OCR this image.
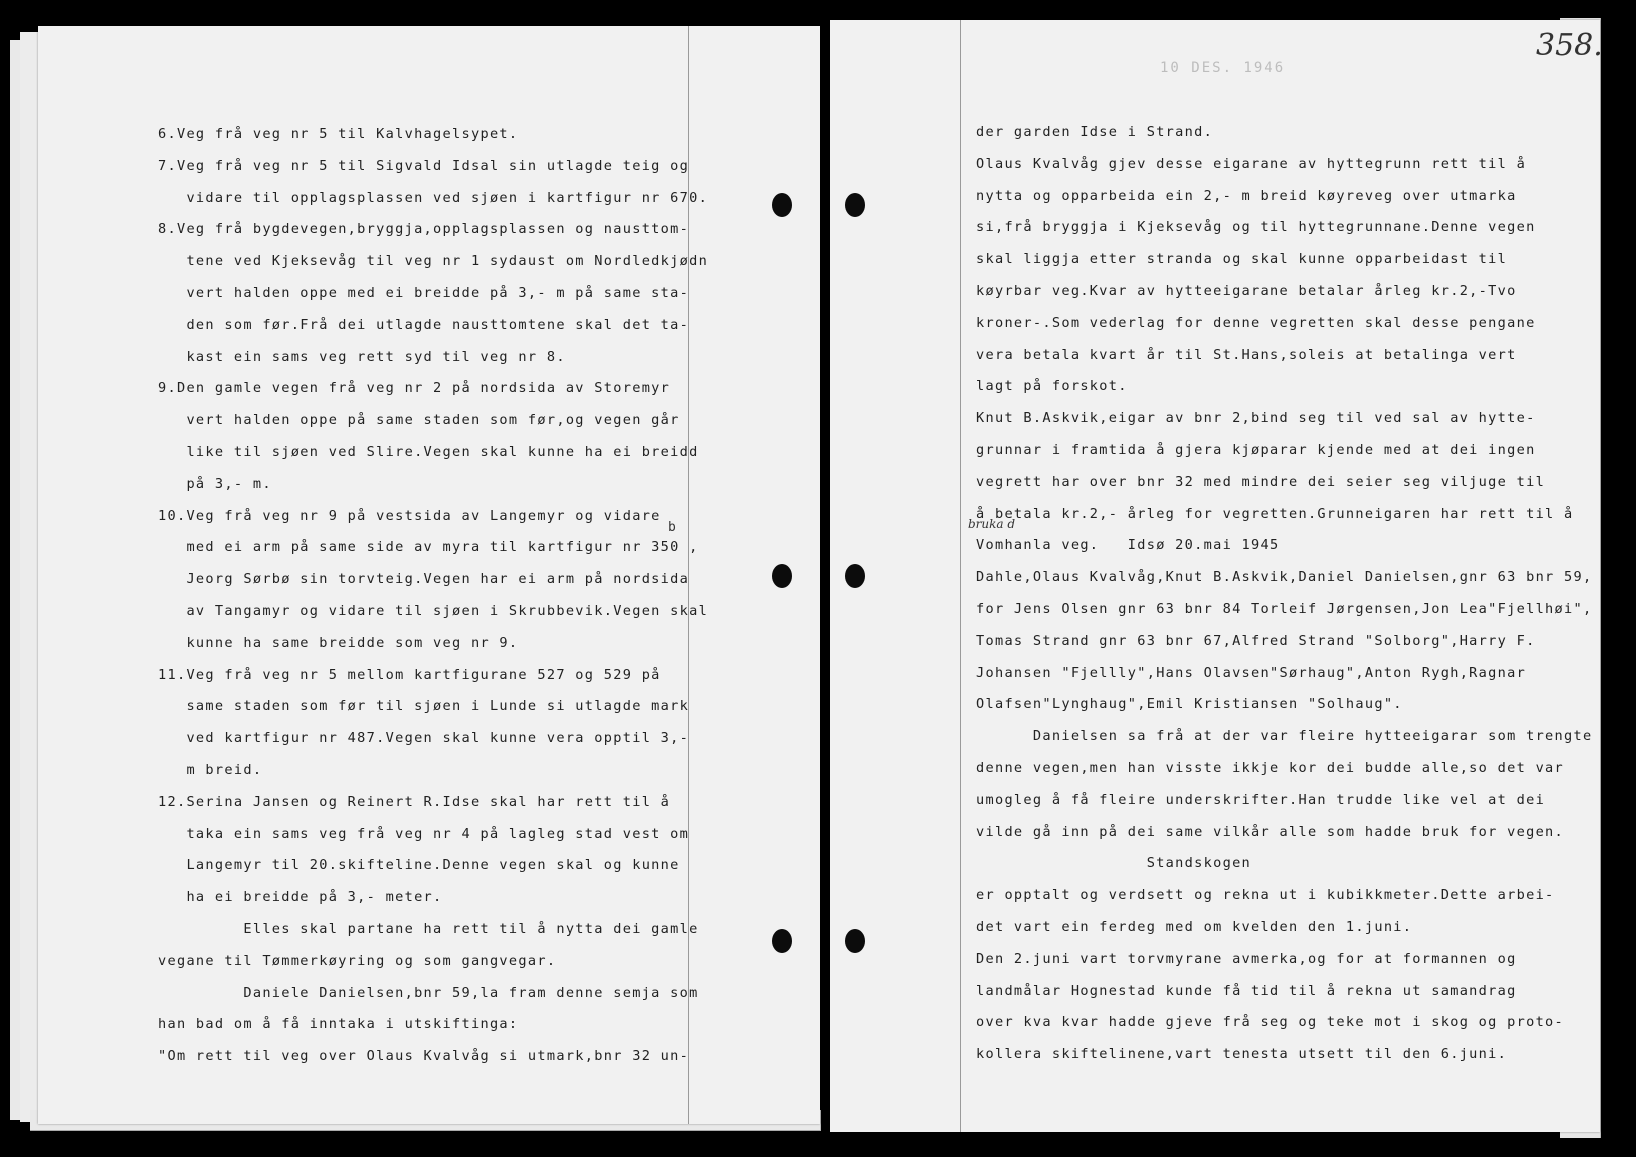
10 DES. 1946
358.
b	bruka d
6.Veg frå veg nr 5 til Kalvhagelsypet.
7.Veg frå veg nr 5 til Sigvald Idsal sin utlagde teig og
vidare til opplagsplassen ved sjøen i kartfigur nr 670.
8.Veg frå bygdevegen,bryggja,opplagsplassen og nausttom-
tene ved Kjeksevåg til veg nr 1 sydaust om Nordledkjødn
vert halden oppe med ei breidde på 3,- m på same sta-
den som før.Frå dei utlagde nausttomtene skal det ta-
kast ein sams veg rett syd til veg nr 8.
9.Den gamle vegen frå veg nr 2 på nordsida av Storemyr
vert halden oppe på same staden som før,og vegen går
like til sjøen ved Slire.Vegen skal kunne ha ei breidd
på 3,- m.
10.Veg frå veg nr 9 på vestsida av Langemyr og vidare
med ei arm på same side av myra til kartfigur nr 350 ,
Jeorg Sørbø sin torvteig.Vegen har ei arm på nordsida
av Tangamyr og vidare til sjøen i Skrubbevik.Vegen skal
kunne ha same breidde som veg nr 9.
11.Veg frå veg nr 5 mellom kartfigurane 527 og 529 på
same staden som før til sjøen i Lunde si utlagde mark
ved kartfigur nr 487.Vegen skal kunne vera opptil 3,-
m breid.
12.Serina Jansen og Reinert R.Idse skal har rett til å
taka ein sams veg frå veg nr 4 på lagleg stad vest om
Langemyr til 20.skifteline.Denne vegen skal og kunne
ha ei breidde på 3,- meter.
Elles skal partane ha rett til å nytta dei gamle
vegane til Tømmerkøyring og som gangvegar.
Daniele Danielsen,bnr 59,la fram denne semja som
han bad om å få inntaka i utskiftinga:
"Om rett til veg over Olaus Kvalvåg si utmark,bnr 32 un-
der garden Idse i Strand.
Olaus Kvalvåg gjev desse eigarane av hyttegrunn rett til å
nytta og opparbeida ein 2,- m breid køyreveg over utmarka
si,frå bryggja i Kjeksevåg og til hyttegrunnane.Denne vegen
skal liggja etter stranda og skal kunne opparbeidast til
køyrbar veg.Kvar av hytteeigarane betalar årleg kr.2,-Tvo
kroner-.Som vederlag for denne vegretten skal desse pengane
vera betala kvart år til St.Hans,soleis at betalinga vert
lagt på forskot.
Knut B.Askvik,eigar av bnr 2,bind seg til ved sal av hytte-
grunnar i framtida å gjera kjøparar kjende med at dei ingen
vegrett har over bnr 32 med mindre dei seier seg viljuge til
å betala kr.2,- årleg for vegretten.Grunneigaren har rett til å
Vomhanla veg.   Idsø 20.mai 1945
Dahle,Olaus Kvalvåg,Knut B.Askvik,Daniel Danielsen,gnr 63 bnr 59,
for Jens Olsen gnr 63 bnr 84 Torleif Jørgensen,Jon Lea"Fjellhøi",
Tomas Strand gnr 63 bnr 67,Alfred Strand "Solborg",Harry F.
Johansen "Fjellly",Hans Olavsen"Sørhaug",Anton Rygh,Ragnar
Olafsen"Lynghaug",Emil Kristiansen "Solhaug".
Danielsen sa frå at der var fleire hytteeigarar som trengte
denne vegen,men han visste ikkje kor dei budde alle,so det var
umogleg å få fleire underskrifter.Han trudde like vel at dei
vilde gå inn på dei same vilkår alle som hadde bruk for vegen.
Standskogen
er opptalt og verdsett og rekna ut i kubikkmeter.Dette arbei-
det vart ein ferdeg med om kvelden den 1.juni.
Den 2.juni vart torvmyrane avmerka,og for at formannen og
landmålar Hognestad kunde få tid til å rekna ut samandrag
over kva kvar hadde gjeve frå seg og teke mot i skog og proto-
kollera skiftelinene,vart tenesta utsett til den 6.juni.
